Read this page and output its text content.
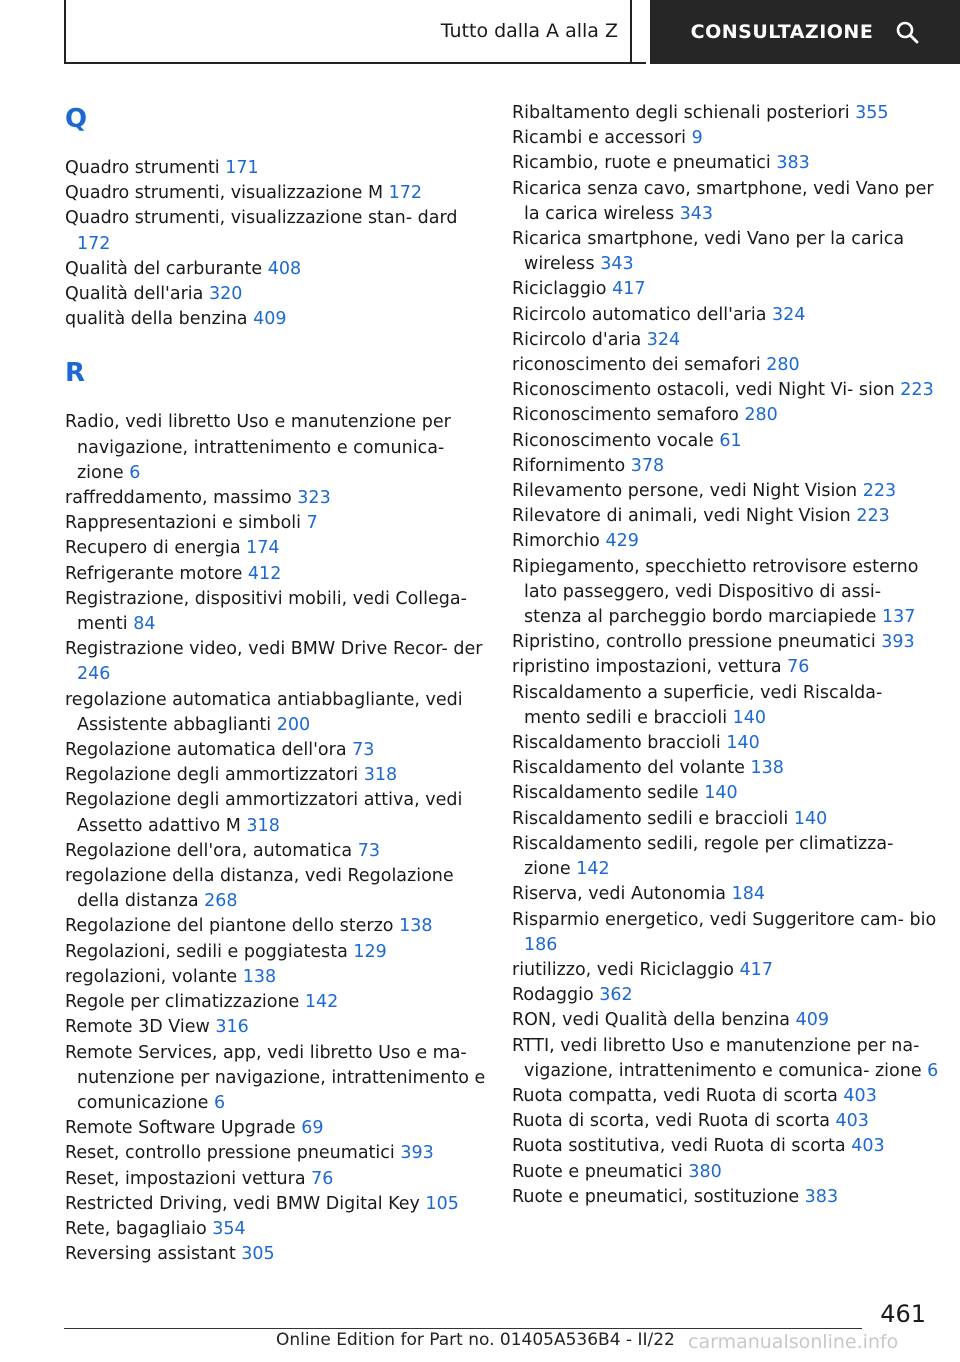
Tutto dalla A alla Z	CONSULTAZIONE
Q
Quadro strumenti 171
Quadro strumenti, visualizzazione M 172
Quadro strumenti, visualizzazione stan- dard 172
Qualità del carburante 408
Qualità dell'aria 320
qualità della benzina 409
R
Radio, vedi libretto Uso e manutenzione per navigazione, intrattenimento e comunica- zione 6
raffreddamento, massimo 323
Rappresentazioni e simboli 7
Recupero di energia 174
Refrigerante motore 412
Registrazione, dispositivi mobili, vedi Collega- menti 84
Registrazione video, vedi BMW Drive Recor- der 246
regolazione automatica antiabbagliante, vedi Assistente abbaglianti 200
Regolazione automatica dell'ora 73
Regolazione degli ammortizzatori 318
Regolazione degli ammortizzatori attiva, vedi Assetto adattivo M 318
Regolazione dell'ora, automatica 73
regolazione della distanza, vedi Regolazione della distanza 268
Regolazione del piantone dello sterzo 138
Regolazioni, sedili e poggiatesta 129
regolazioni, volante 138
Regole per climatizzazione 142
Remote 3D View 316
Remote Services, app, vedi libretto Uso e ma- nutenzione per navigazione, intrattenimento e comunicazione 6
Remote Software Upgrade 69
Reset, controllo pressione pneumatici 393
Reset, impostazioni vettura 76
Restricted Driving, vedi BMW Digital Key 105
Rete, bagagliaio 354
Reversing assistant 305
Ribaltamento degli schienali posteriori 355
Ricambi e accessori 9
Ricambio, ruote e pneumatici 383
Ricarica senza cavo, smartphone, vedi Vano per la carica wireless 343
Ricarica smartphone, vedi Vano per la carica wireless 343
Riciclaggio 417
Ricircolo automatico dell'aria 324
Ricircolo d'aria 324
riconoscimento dei semafori 280
Riconoscimento ostacoli, vedi Night Vi- sion 223
Riconoscimento semaforo 280
Riconoscimento vocale 61
Rifornimento 378
Rilevamento persone, vedi Night Vision 223
Rilevatore di animali, vedi Night Vision 223
Rimorchio 429
Ripiegamento, specchietto retrovisore esterno lato passeggero, vedi Dispositivo di assi- stenza al parcheggio bordo marciapiede 137
Ripristino, controllo pressione pneumatici 393
ripristino impostazioni, vettura 76
Riscaldamento a superficie, vedi Riscalda- mento sedili e braccioli 140
Riscaldamento braccioli 140
Riscaldamento del volante 138
Riscaldamento sedile 140
Riscaldamento sedili e braccioli 140
Riscaldamento sedili, regole per climatizza- zione 142
Riserva, vedi Autonomia 184
Risparmio energetico, vedi Suggeritore cam- bio 186
riutilizzo, vedi Riciclaggio 417
Rodaggio 362
RON, vedi Qualità della benzina 409
RTTI, vedi libretto Uso e manutenzione per na- vigazione, intrattenimento e comunica- zione 6
Ruota compatta, vedi Ruota di scorta 403
Ruota di scorta, vedi Ruota di scorta 403
Ruota sostitutiva, vedi Ruota di scorta 403
Ruote e pneumatici 380
Ruote e pneumatici, sostituzione 383
461
Online Edition for Part no. 01405A536B4 - II/22 carmanualsonline.info
